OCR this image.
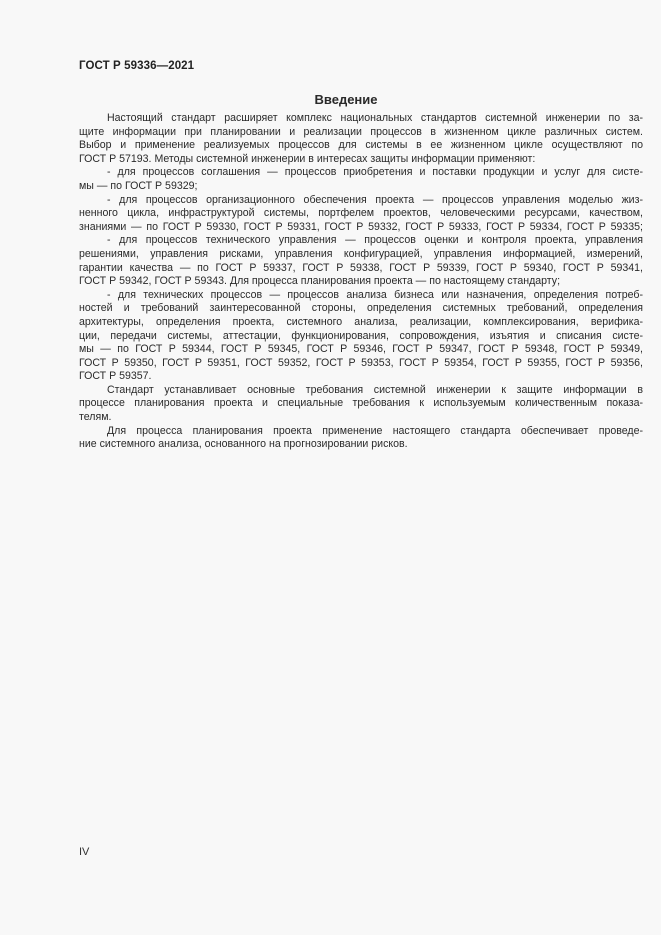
ГОСТ Р 59336—2021
Введение
Настоящий стандарт расширяет комплекс национальных стандартов системной инженерии по за-
щите информации при планировании и реализации процессов в жизненном цикле различных систем.
Выбор и применение реализуемых процессов для системы в ее жизненном цикле осуществляют по
ГОСТ Р 57193. Методы системной инженерии в интересах защиты информации применяют:
- для процессов соглашения — процессов приобретения и поставки продукции и услуг для систе-
мы — по ГОСТ Р 59329;
- для процессов организационного обеспечения проекта — процессов управления моделью жиз-
ненного цикла, инфраструктурой системы, портфелем проектов, человеческими ресурсами, качеством,
знаниями — по ГОСТ Р 59330, ГОСТ Р 59331, ГОСТ Р 59332, ГОСТ Р 59333, ГОСТ Р 59334, ГОСТ Р 59335;
- для процессов технического управления — процессов оценки и контроля проекта, управления
решениями, управления рисками, управления конфигурацией, управления информацией, измерений,
гарантии качества — по ГОСТ Р 59337, ГОСТ Р 59338, ГОСТ Р 59339, ГОСТ Р 59340, ГОСТ Р 59341,
ГОСТ Р 59342, ГОСТ Р 59343. Для процесса планирования проекта — по настоящему стандарту;
- для технических процессов — процессов анализа бизнеса или назначения, определения потреб-
ностей и требований заинтересованной стороны, определения системных требований, определения
архитектуры, определения проекта, системного анализа, реализации, комплексирования, верифика-
ции, передачи системы, аттестации, функционирования, сопровождения, изъятия и списания систе-
мы — по ГОСТ Р 59344, ГОСТ Р 59345, ГОСТ Р 59346, ГОСТ Р 59347, ГОСТ Р 59348, ГОСТ Р 59349,
ГОСТ Р 59350, ГОСТ Р 59351, ГОСТ 59352, ГОСТ Р 59353, ГОСТ Р 59354, ГОСТ Р 59355, ГОСТ Р 59356,
ГОСТ Р 59357.
Стандарт устанавливает основные требования системной инженерии к защите информации в
процессе планирования проекта и специальные требования к используемым количественным показа-
телям.
Для процесса планирования проекта применение настоящего стандарта обеспечивает проведе-
ние системного анализа, основанного на прогнозировании рисков.
IV
